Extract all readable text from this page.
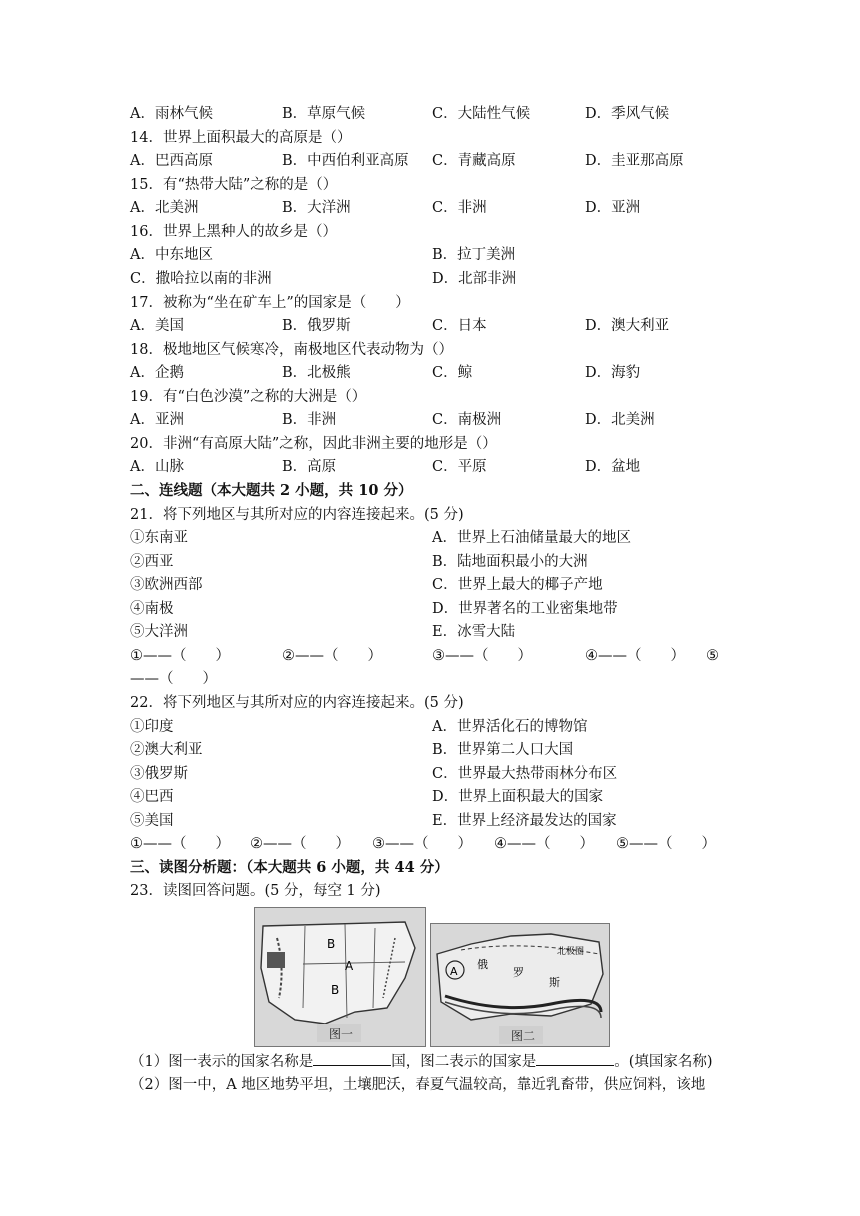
A．雨林气候	B．草原气候	C．大陆性气候	D．季风气候
14．世界上面积最大的高原是（）
A．巴西高原	B．中西伯利亚高原 C．青藏高原	D．圭亚那高原
15．有“热带大陆”之称的是（）
A．北美洲	B．大洋洲	C．非洲	D．亚洲
16．世界上黑种人的故乡是（）
A．中东地区	B．拉丁美洲
C．撒哈拉以南的非洲	D．北部非洲
17．被称为“坐在矿车上”的国家是（　　）
A．美国	B．俄罗斯	C．日本	D．澳大利亚
18．极地地区气候寒冷，南极地区代表动物为（）
A．企鹅	B．北极熊	C．鲸	D．海豹
19．有“白色沙漠”之称的大洲是（）
A．亚洲	B．非洲	C．南极洲	D．北美洲
20．非洲“有高原大陆”之称，因此非洲主要的地形是（）
A．山脉	B．高原	C．平原	D．盆地
二、连线题（本大题共 2 小题，共 10 分）
21．将下列地区与其所对应的内容连接起来。(5 分)
①东南亚	A．世界上石油储量最大的地区
②西亚	B．陆地面积最小的大洲
③欧洲西部	C．世界上最大的椰子产地
④南极	D．世界著名的工业密集地带
⑤大洋洲	E．冰雪大陆
①——（　　）	②——（　　）	③——（　　）	④——（　　） ⑤
——（　　）
22．将下列地区与其所对应的内容连接起来。(5 分)
①印度	A．世界活化石的博物馆
②澳大利亚	B．世界第二人口大国
③俄罗斯	C．世界最大热带雨林分布区
④巴西	D．世界上面积最大的国家
⑤美国	E．世界上经济最发达的国家
①——（　　） ②——（　　） ③——（　　） ④——（　　） ⑤——（　　）
三、读图分析题：（本大题共 6 小题，共 44 分）
23．读图回答问题。(5 分，每空 1 分)
B
A
B
图一
A
俄
罗
斯
北极圈
图二
（1）图一表示的国家名称是	国，图二表示的国家是	。(填国家名称)
（2）图一中，A 地区地势平坦，土壤肥沃，春夏气温较高，靠近乳畜带，供应饲料，该地
